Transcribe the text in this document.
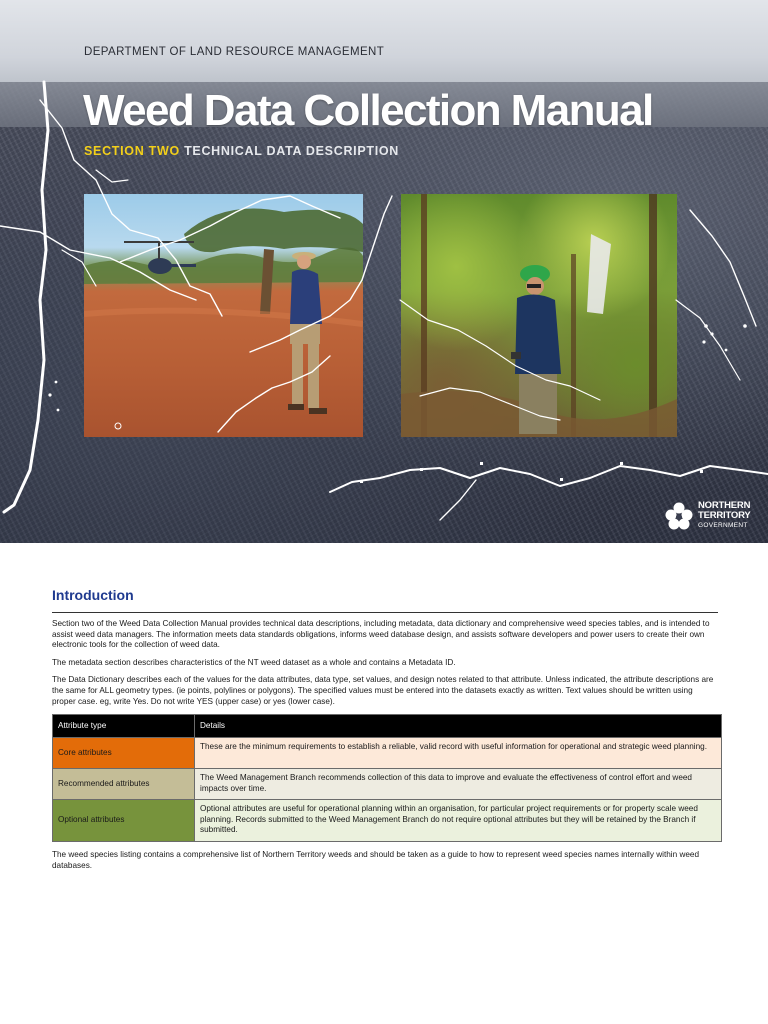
DEPARTMENT OF LAND RESOURCE MANAGEMENT
Weed Data Collection Manual
SECTION TWO TECHNICAL DATA DESCRIPTION
NORTHERN
TERRITORY
GOVERNMENT
Introduction

Section two of the Weed Data Collection Manual provides technical data descriptions, including metadata, data dictionary and comprehensive weed species tables, and is intended to assist weed data managers. The information meets data standards obligations, informs weed database design, and assists software developers and power users to create their own electronic tools for the collection of weed data.

The metadata section describes characteristics of the NT weed dataset as a whole and contains a Metadata ID.

The Data Dictionary describes each of the values for the data attributes, data type, set values, and design notes related to that attribute. Unless indicated, the attribute descriptions are the same for ALL geometry types. (ie points, polylines or polygons). The specified values must be entered into the datasets exactly as written. Text values should be written using proper case. eg, write Yes. Do not write YES (upper case) or yes (lower case).

Attribute type	Details
Core attributes	These are the minimum requirements to establish a reliable, valid record with useful information for operational and strategic weed planning.
Recommended attributes	The Weed Management Branch recommends collection of this data to improve and evaluate the effectiveness of control effort and weed impacts over time.
Optional attributes	Optional attributes are useful for operational planning within an organisation, for particular project requirements or for property scale weed planning. Records submitted to the Weed Management Branch do not require optional attributes but they will be retained by the Branch if submitted.

The weed species listing contains a comprehensive list of Northern Territory weeds and should be taken as a guide to how to represent weed species names internally within weed databases.
